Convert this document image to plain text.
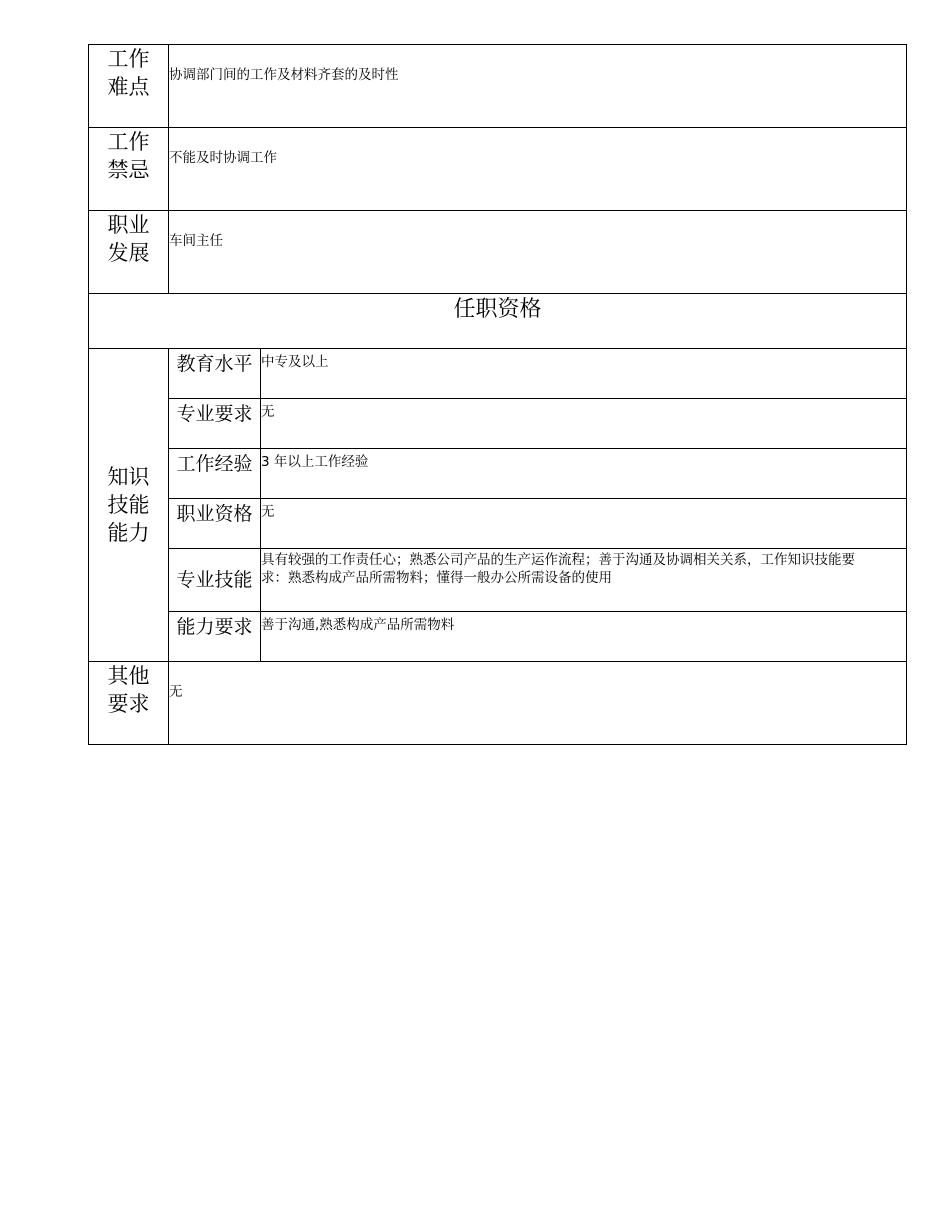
工作难点	协调部门间的工作及材料齐套的及时性	

工作禁忌	不能及时协调工作	

职业发展	车间主任	
任职资格		

知识技能能力	教育水平	中专及以上
	专业要求	无
	工作经验	3 年以上工作经验
	职业资格	无
	专业技能	具有较强的工作责任心；熟悉公司产品的生产运作流程；善于沟通及协调相关关系，工作知识技能要求：熟悉构成产品所需物料；懂得一般办公所需设备的使用
	能力要求	善于沟通,熟悉构成产品所需物料

其他要求	无	
